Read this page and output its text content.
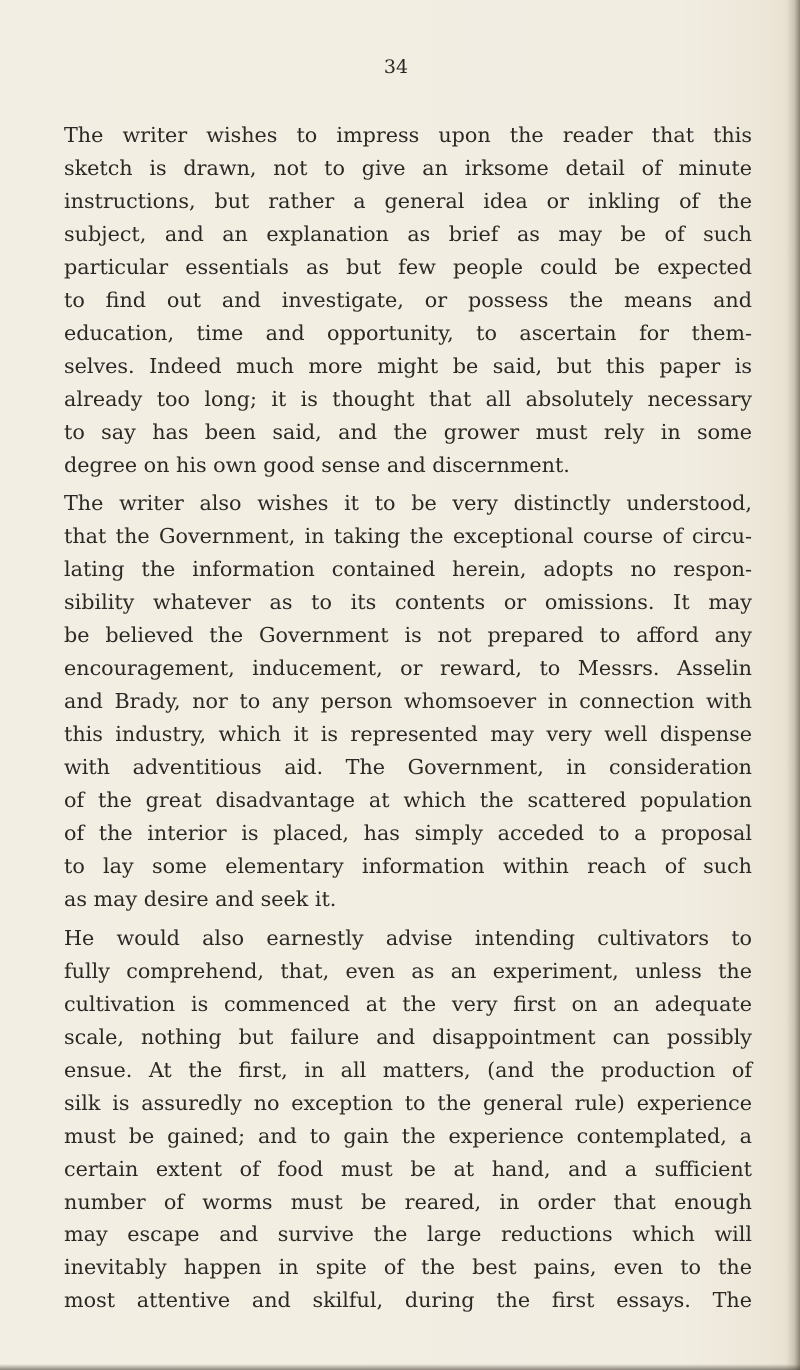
34

The writer wishes to impress upon the reader that this
sketch is drawn, not to give an irksome detail of minute
instructions, but rather a general idea or inkling of the
subject, and an explanation as brief as may be of such
particular essentials as but few people could be expected
to find out and investigate, or possess the means and
education, time and opportunity, to ascertain for them-
selves. Indeed much more might be said, but this paper is
already too long; it is thought that all absolutely necessary
to say has been said, and the grower must rely in some
degree on his own good sense and discernment.

The writer also wishes it to be very distinctly understood,
that the Government, in taking the exceptional course of circu-
lating the information contained herein, adopts no respon-
sibility whatever as to its contents or omissions. It may
be believed the Government is not prepared to afford any
encouragement, inducement, or reward, to Messrs. Asselin
and Brady, nor to any person whomsoever in connection with
this industry, which it is represented may very well dispense
with adventitious aid. The Government, in consideration
of the great disadvantage at which the scattered population
of the interior is placed, has simply acceded to a proposal
to lay some elementary information within reach of such
as may desire and seek it.

He would also earnestly advise intending cultivators to
fully comprehend, that, even as an experiment, unless the
cultivation is commenced at the very first on an adequate
scale, nothing but failure and disappointment can possibly
ensue. At the first, in all matters, (and the production of
silk is assuredly no exception to the general rule) experience
must be gained; and to gain the experience contemplated, a
certain extent of food must be at hand, and a sufficient
number of worms must be reared, in order that enough
may escape and survive the large reductions which will
inevitably happen in spite of the best pains, even to the
most attentive and skilful, during the first essays. The
